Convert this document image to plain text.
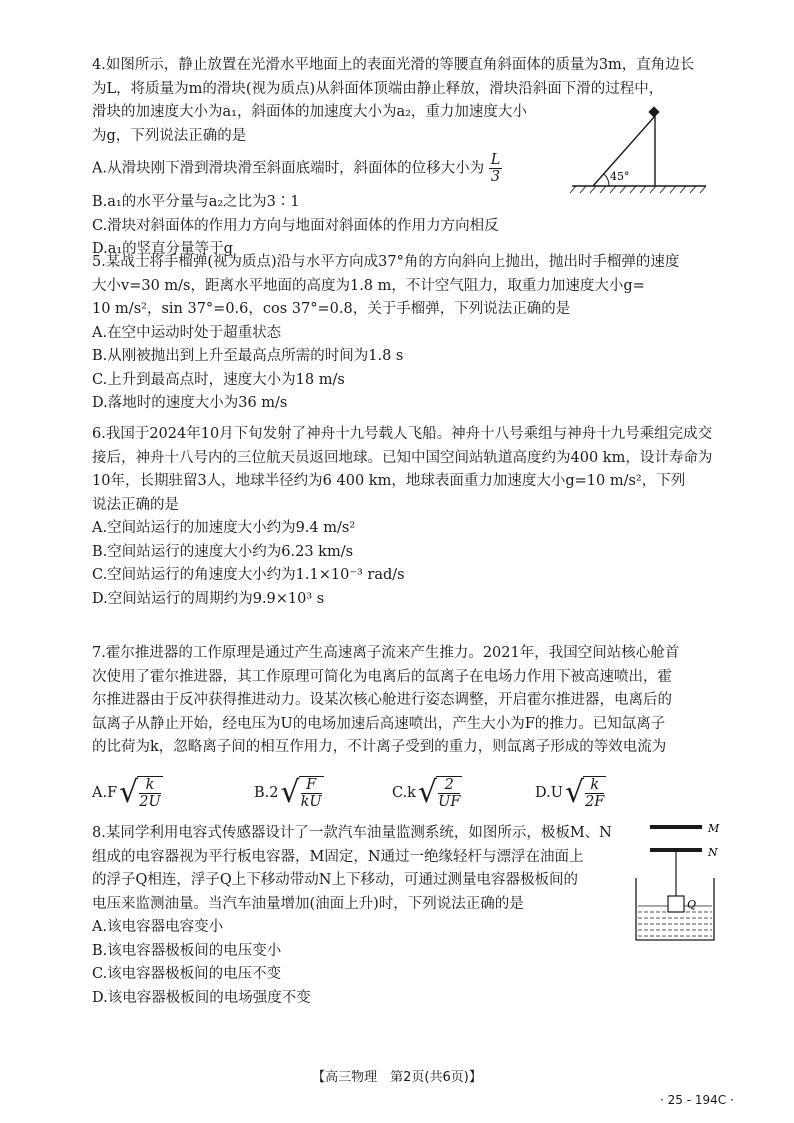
4.如图所示，静止放置在光滑水平地面上的表面光滑的等腰直角斜面体的质量为3m，直角边长
为L，将质量为m的滑块(视为质点)从斜面体顶端由静止释放，滑块沿斜面下滑的过程中，
滑块的加速度大小为a₁，斜面体的加速度大小为a₂，重力加速度大小
为g，下列说法正确的是
A.从滑块刚下滑到滑块滑至斜面底端时，斜面体的位移大小为 $\frac{L}{3}$
B.a₁的水平分量与a₂之比为3∶1
C.滑块对斜面体的作用力方向与地面对斜面体的作用力方向相反
D.a₁的竖直分量等于g
45°
5.某战士将手榴弹(视为质点)沿与水平方向成37°角的方向斜向上抛出，抛出时手榴弹的速度
大小v=30 m/s，距离水平地面的高度为1.8 m，不计空气阻力，取重力加速度大小g=
10 m/s²，sin 37°=0.6，cos 37°=0.8，关于手榴弹，下列说法正确的是
A.在空中运动时处于超重状态
B.从刚被抛出到上升至最高点所需的时间为1.8 s
C.上升到最高点时，速度大小为18 m/s
D.落地时的速度大小为36 m/s
6.我国于2024年10月下旬发射了神舟十九号载人飞船。神舟十八号乘组与神舟十九号乘组完成交
接后，神舟十八号内的三位航天员返回地球。已知中国空间站轨道高度约为400 km，设计寿命为
10年，长期驻留3人，地球半径约为6 400 km，地球表面重力加速度大小g=10 m/s²，下列
说法正确的是
A.空间站运行的加速度大小约为9.4 m/s²
B.空间站运行的速度大小约为6.23 km/s
C.空间站运行的角速度大小约为1.1×10⁻³ rad/s
D.空间站运行的周期约为9.9×10³ s
7.霍尔推进器的工作原理是通过产生高速离子流来产生推力。2021年，我国空间站核心舱首
次使用了霍尔推进器，其工作原理可简化为电离后的氙离子在电场力作用下被高速喷出，霍
尔推进器由于反冲获得推进动力。设某次核心舱进行姿态调整，开启霍尔推进器，电离后的
氙离子从静止开始，经电压为U的电场加速后高速喷出，产生大小为F的推力。已知氙离子
的比荷为k，忽略离子间的相互作用力，不计离子受到的重力，则氙离子形成的等效电流为
A.F √ $\frac{k}{2U}$	B.2 √ $\frac{F}{kU}$	C.k √ $\frac{2}{UF}$	D.U √ $\frac{k}{2F}$
8.某同学利用电容式传感器设计了一款汽车油量监测系统，如图所示，极板M、N
组成的电容器视为平行板电容器，M固定，N通过一绝缘轻杆与漂浮在油面上
的浮子Q相连，浮子Q上下移动带动N上下移动，可通过测量电容器极板间的
电压来监测油量。当汽车油量增加(油面上升)时，下列说法正确的是
A.该电容器电容变小
B.该电容器极板间的电压变小
C.该电容器极板间的电压不变
D.该电容器极板间的电场强度不变
M
N
Q
【高三物理　第2页(共6页)】
· 25 - 194C ·
